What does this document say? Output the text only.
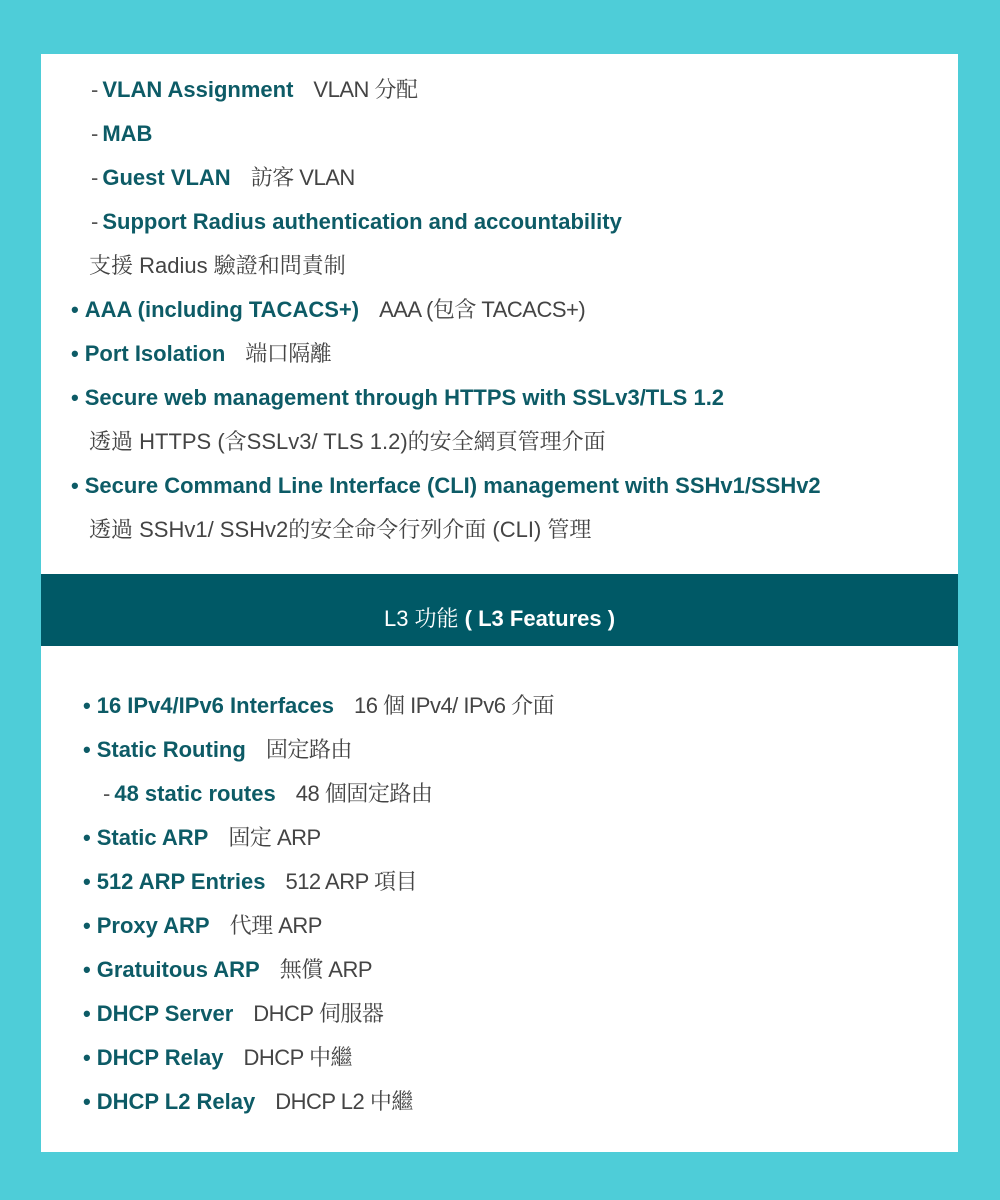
- VLAN Assignment VLAN 分配
- MAB
- Guest VLAN 訪客 VLAN
- Support Radius authentication and accountability
支援 Radius 驗證和問責制
• AAA (including TACACS+) AAA (包含 TACACS+)
• Port Isolation 端口隔離
• Secure web management through HTTPS with SSLv3/TLS 1.2
透過 HTTPS (含SSLv3/ TLS 1.2)的安全網頁管理介面
• Secure Command Line Interface (CLI) management with SSHv1/SSHv2
透過 SSHv1/ SSHv2的安全命令行列介面 (CLI) 管理
L3 功能 ( L3 Features )
• 16 IPv4/IPv6 Interfaces 16 個 IPv4/ IPv6 介面
• Static Routing 固定路由
- 48 static routes 48 個固定路由
• Static ARP 固定 ARP
• 512 ARP Entries 512 ARP 項目
• Proxy ARP 代理 ARP
• Gratuitous ARP 無償 ARP
• DHCP Server DHCP 伺服器
• DHCP Relay DHCP 中繼
• DHCP L2 Relay DHCP L2 中繼
